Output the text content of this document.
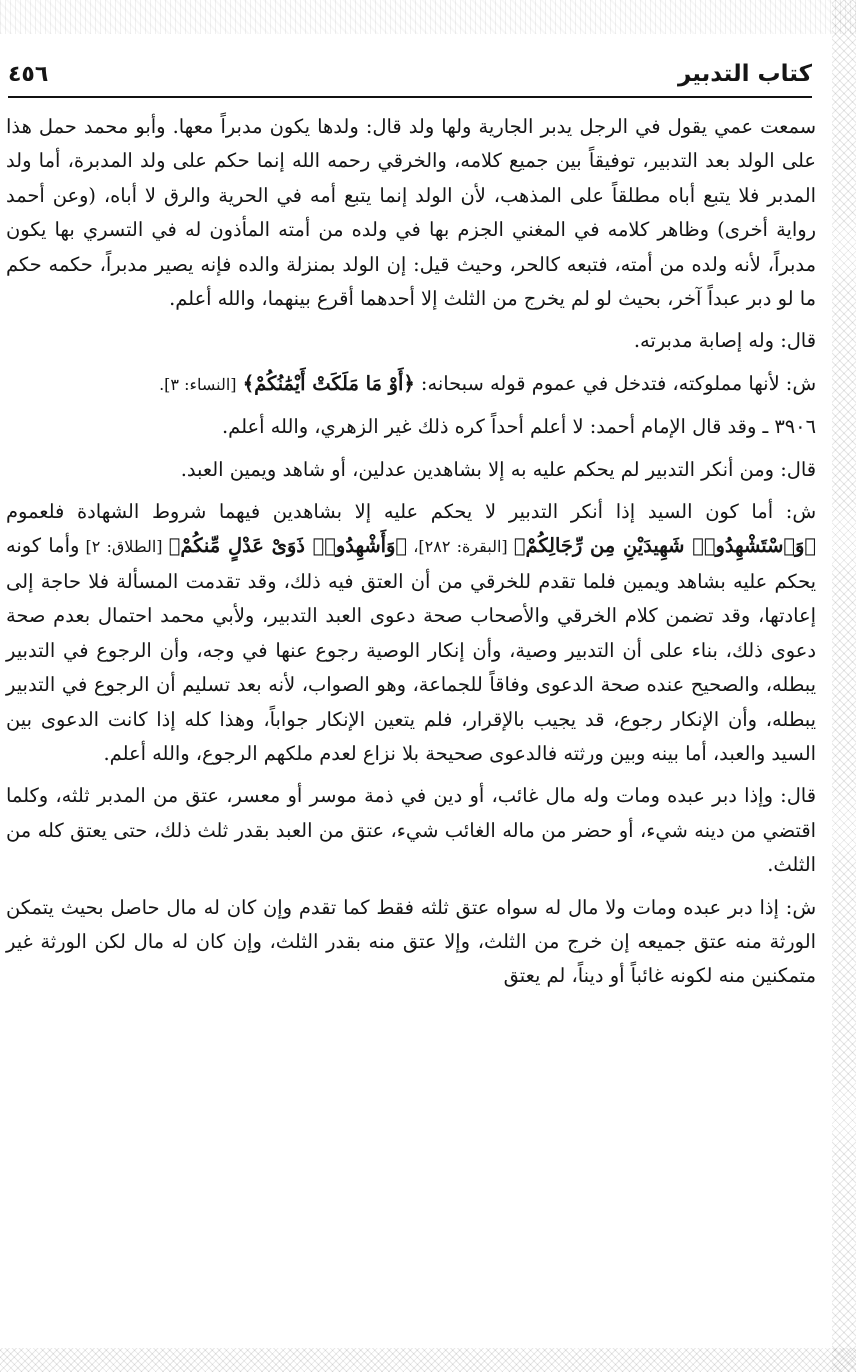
كتاب التدبير
٤٥٦

سمعت عمي يقول في الرجل يدبر الجارية ولها ولد قال: ولدها يكون مدبراً معها. وأبو محمد حمل هذا على الولد بعد التدبير، توفيقاً بين جميع كلامه، والخرقي رحمه الله إنما حكم على ولد المدبرة، أما ولد المدبر فلا يتبع أباه مطلقاً على المذهب، لأن الولد إنما يتبع أمه في الحرية والرق لا أباه، (وعن أحمد رواية أخرى) وظاهر كلامه في المغني الجزم بها في ولده من أمته المأذون له في التسري بها يكون مدبراً، لأنه ولده من أمته، فتبعه كالحر، وحيث قيل: إن الولد بمنزلة والده فإنه يصير مدبراً، حكمه حكم ما لو دبر عبداً آخر، بحيث لو لم يخرج من الثلث إلا أحدهما أقرع بينهما، والله أعلم.

قال: وله إصابة مدبرته.

ش: لأنها مملوكته، فتدخل في عموم قوله سبحانه: ﴿أَوْ مَا مَلَكَتْ أَيْمَٰنُكُمْ﴾ [النساء: ٣].

٣٩٠٦ ـ وقد قال الإمام أحمد: لا أعلم أحداً كره ذلك غير الزهري، والله أعلم.

قال: ومن أنكر التدبير لم يحكم عليه به إلا بشاهدين عدلين، أو شاهد ويمين العبد.

ش: أما كون السيد إذا أنكر التدبير لا يحكم عليه إلا بشاهدين فيهما شروط الشهادة فلعموم ﴿وَٱسْتَشْهِدُوا۟ شَهِيدَيْنِ مِن رِّجَالِكُمْ﴾ [البقرة: ٢٨٢]، ﴿وَأَشْهِدُوا۟ ذَوَىْ عَدْلٍ مِّنكُمْ﴾ [الطلاق: ٢] وأما كونه يحكم عليه بشاهد ويمين فلما تقدم للخرقي من أن العتق فيه ذلك، وقد تقدمت المسألة فلا حاجة إلى إعادتها، وقد تضمن كلام الخرقي والأصحاب صحة دعوى العبد التدبير، ولأبي محمد احتمال بعدم صحة دعوى ذلك، بناء على أن التدبير وصية، وأن إنكار الوصية رجوع عنها في وجه، وأن الرجوع في التدبير يبطله، والصحيح عنده صحة الدعوى وفاقاً للجماعة، وهو الصواب، لأنه بعد تسليم أن الرجوع في التدبير يبطله، وأن الإنكار رجوع، قد يجيب بالإقرار، فلم يتعين الإنكار جواباً، وهذا كله إذا كانت الدعوى بين السيد والعبد، أما بينه وبين ورثته فالدعوى صحيحة بلا نزاع لعدم ملكهم الرجوع، والله أعلم.

قال: وإذا دبر عبده ومات وله مال غائب، أو دين في ذمة موسر أو معسر، عتق من المدبر ثلثه، وكلما اقتضي من دينه شيء، أو حضر من ماله الغائب شيء، عتق من العبد بقدر ثلث ذلك، حتى يعتق كله من الثلث.

ش: إذا دبر عبده ومات ولا مال له سواه عتق ثلثه فقط كما تقدم وإن كان له مال حاصل بحيث يتمكن الورثة منه عتق جميعه إن خرج من الثلث، وإلا عتق منه بقدر الثلث، وإن كان له مال لكن الورثة غير متمكنين منه لكونه غائباً أو ديناً، لم يعتق
